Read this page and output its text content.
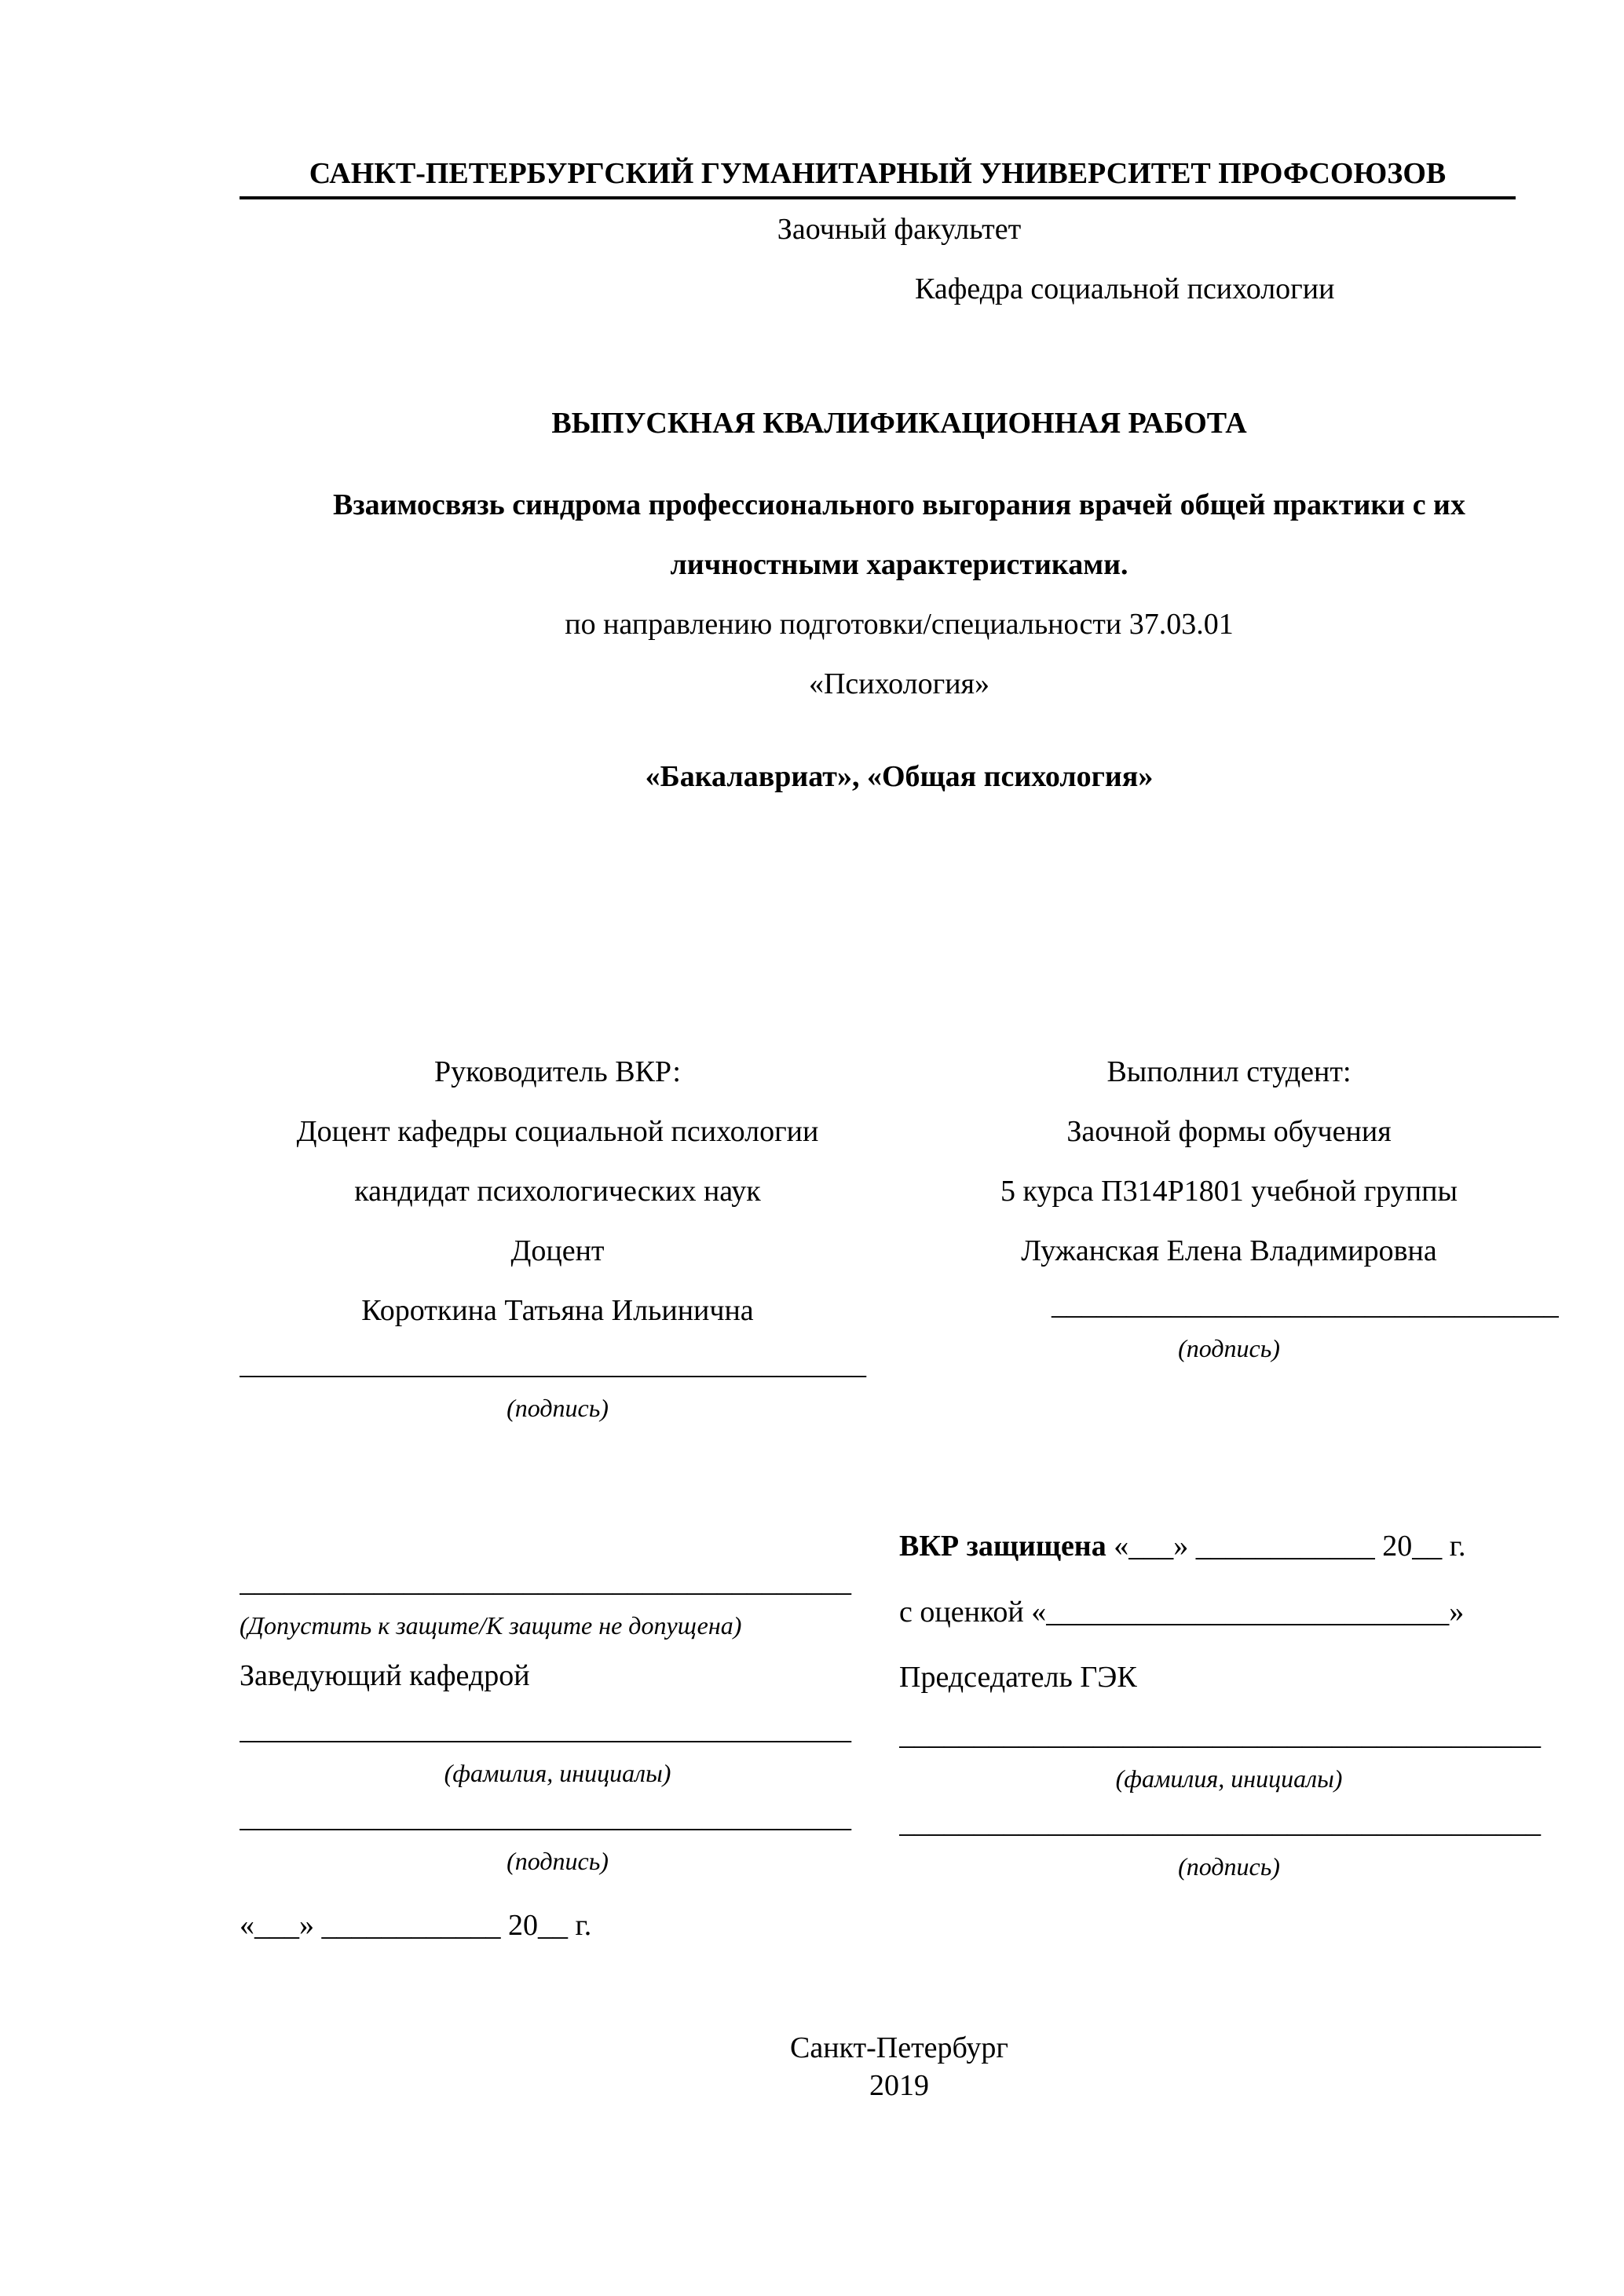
САНКТ-ПЕТЕРБУРГСКИЙ ГУМАНИТАРНЫЙ УНИВЕРСИТЕТ ПРОФСОЮЗОВ
Заочный факультет
Кафедра социальной психологии
ВЫПУСКНАЯ КВАЛИФИКАЦИОННАЯ РАБОТА
Взаимосвязь синдрома профессионального выгорания врачей общей практики с их личностными характеристиками.
по направлению подготовки/специальности 37.03.01
«Психология»
«Бакалавриат», «Общая психология»
Руководитель ВКР:
Доцент кафедры социальной психологии
кандидат психологических наук
Доцент
Короткина Татьяна Ильинична
__________________________________________
(подпись)
_________________________________________
(Допустить к защите/К защите не допущена)
Заведующий кафедрой
_________________________________________
(фамилия, инициалы)
_________________________________________
(подпись)
«___» ____________ 20__ г.
Выполнил студент:
Заочной формы обучения
5 курса П314Р1801 учебной группы
Лужанская Елена Владимировна
__________________________________
(подпись)
ВКР защищена «___» ____________ 20__ г.
с оценкой «___________________________»
Председатель ГЭК
___________________________________________
(фамилия, инициалы)
___________________________________________
(подпись)
Санкт-Петербург
2019
